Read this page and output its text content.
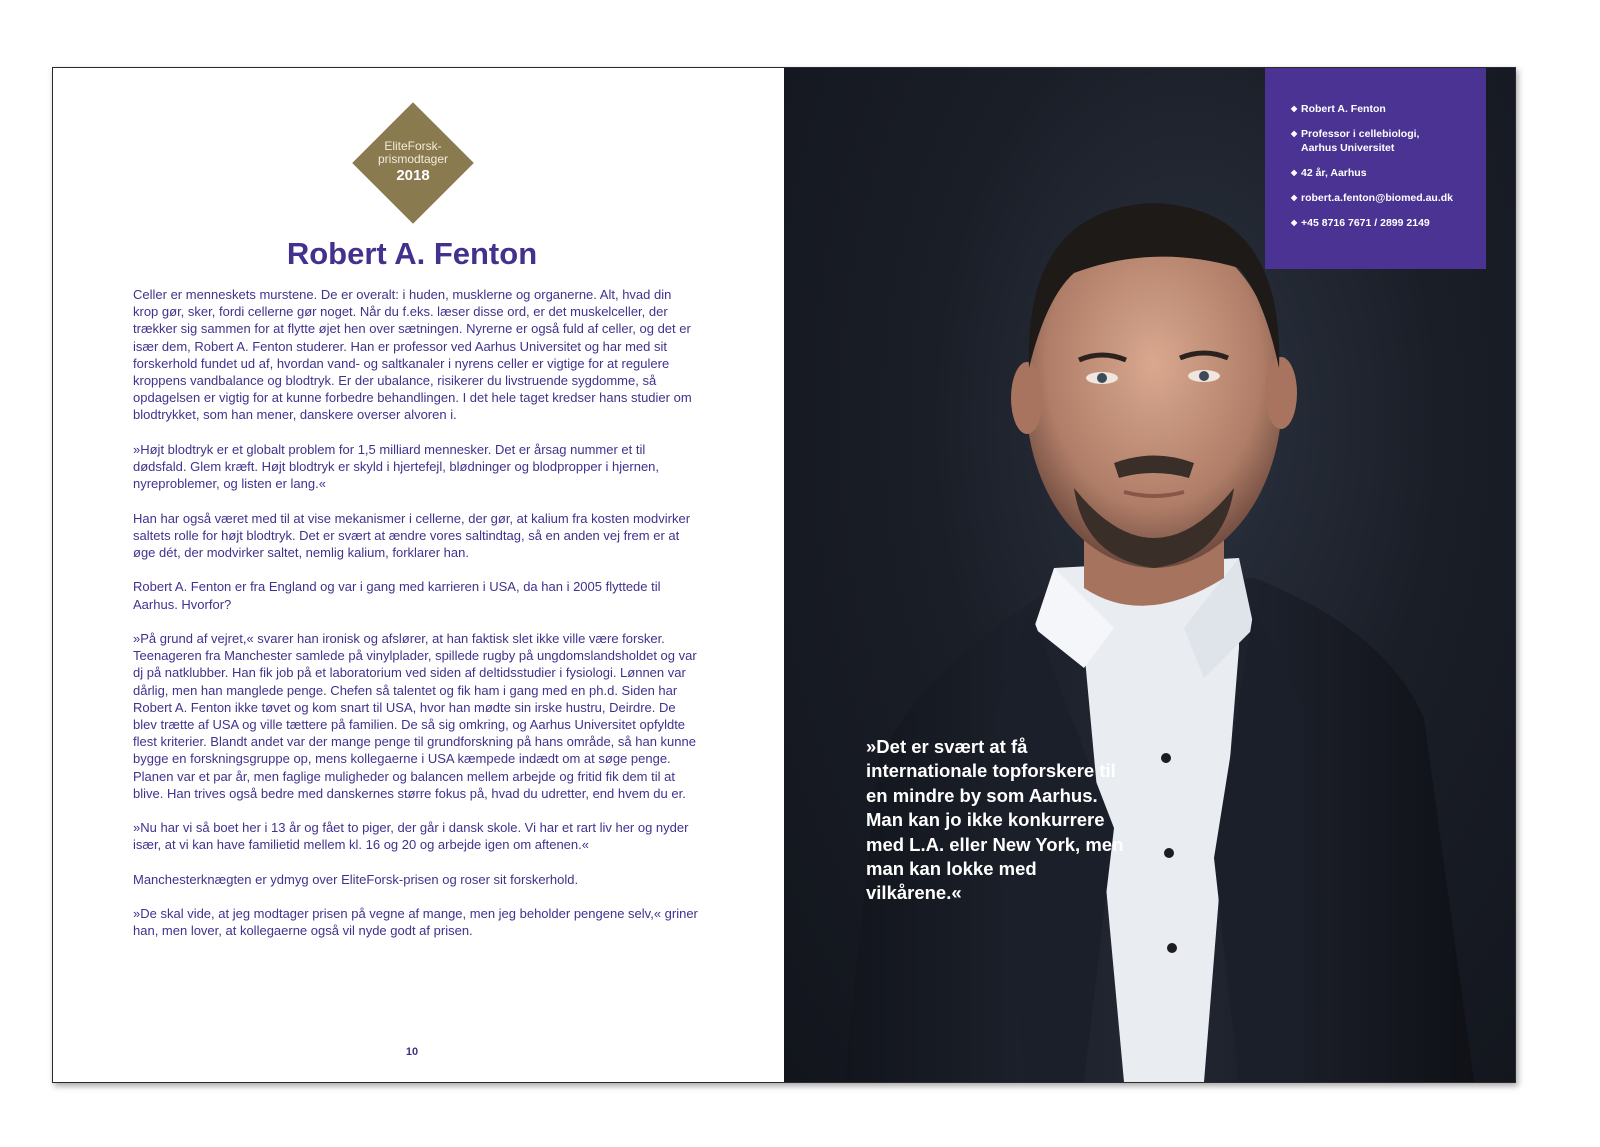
EliteForsk-
prismodtager
2018
Robert A. Fenton

Celler er menneskets murstene. De er overalt: i huden, musklerne og organerne. Alt, hvad din krop gør, sker, fordi cellerne gør noget. Når du f.eks. læser disse ord, er det muskelceller, der trækker sig sammen for at flytte øjet hen over sætningen. Nyrerne er også fuld af celler, og det er især dem, Robert A. Fenton studerer. Han er professor ved Aarhus Universitet og har med sit forskerhold fundet ud af, hvordan vand- og saltkanaler i nyrens celler er vigtige for at regulere kroppens vandbalance og blodtryk. Er der ubalance, risikerer du livstruende sygdomme, så opdagelsen er vigtig for at kunne forbedre behandlingen. I det hele taget kredser hans studier om blodtrykket, som han mener, danskere overser alvoren i.

»Højt blodtryk er et globalt problem for 1,5 milliard mennesker. Det er årsag nummer et til dødsfald. Glem kræft. Højt blodtryk er skyld i hjertefejl, blødninger og blodpropper i hjernen, nyreproblemer, og listen er lang.«

Han har også været med til at vise mekanismer i cellerne, der gør, at kalium fra kosten modvirker saltets rolle for højt blodtryk. Det er svært at ændre vores saltindtag, så en anden vej frem er at øge dét, der modvirker saltet, nemlig kalium, forklarer han.

Robert A. Fenton er fra England og var i gang med karrieren i USA, da han i 2005 flyttede til Aarhus. Hvorfor?

»På grund af vejret,« svarer han ironisk og afslører, at han faktisk slet ikke ville være forsker. Teenageren fra Manchester samlede på vinylplader, spillede rugby på ungdomslandsholdet og var dj på natklubber. Han fik job på et laboratorium ved siden af deltidsstudier i fysiologi. Lønnen var dårlig, men han manglede penge. Chefen så talentet og fik ham i gang med en ph.d. Siden har Robert A. Fenton ikke tøvet og kom snart til USA, hvor han mødte sin irske hustru, Deirdre. De blev trætte af USA og ville tættere på familien. De så sig omkring, og Aarhus Universitet opfyldte flest kriterier. Blandt andet var der mange penge til grundforskning på hans område, så han kunne bygge en forskningsgruppe op, mens kollegaerne i USA kæmpede indædt om at søge penge. Planen var et par år, men faglige muligheder og balancen mellem arbejde og fritid fik dem til at blive. Han trives også bedre med danskernes større fokus på, hvad du udretter, end hvem du er.

»Nu har vi så boet her i 13 år og fået to piger, der går i dansk skole. Vi har et rart liv her og nyder især, at vi kan have familietid mellem kl. 16 og 20 og arbejde igen om aftenen.«

Manchesterknægten er ydmyg over EliteForsk-prisen og roser sit forskerhold.

»De skal vide, at jeg modtager prisen på vegne af mange, men jeg beholder pengene selv,« griner han, men lover, at kollegaerne også vil nyde godt af prisen.

10
◆ Robert A. Fenton
◆ Professor i cellebiologi,
Aarhus Universitet
◆ 42 år, Aarhus
◆ robert.a.fenton@biomed.au.dk
◆ +45 8716 7671 / 2899 2149

»Det er svært at få internationale topforskere til en mindre by som Aarhus. Man kan jo ikke konkurrere med L.A. eller New York, men man kan lokke med vilkårene.«
